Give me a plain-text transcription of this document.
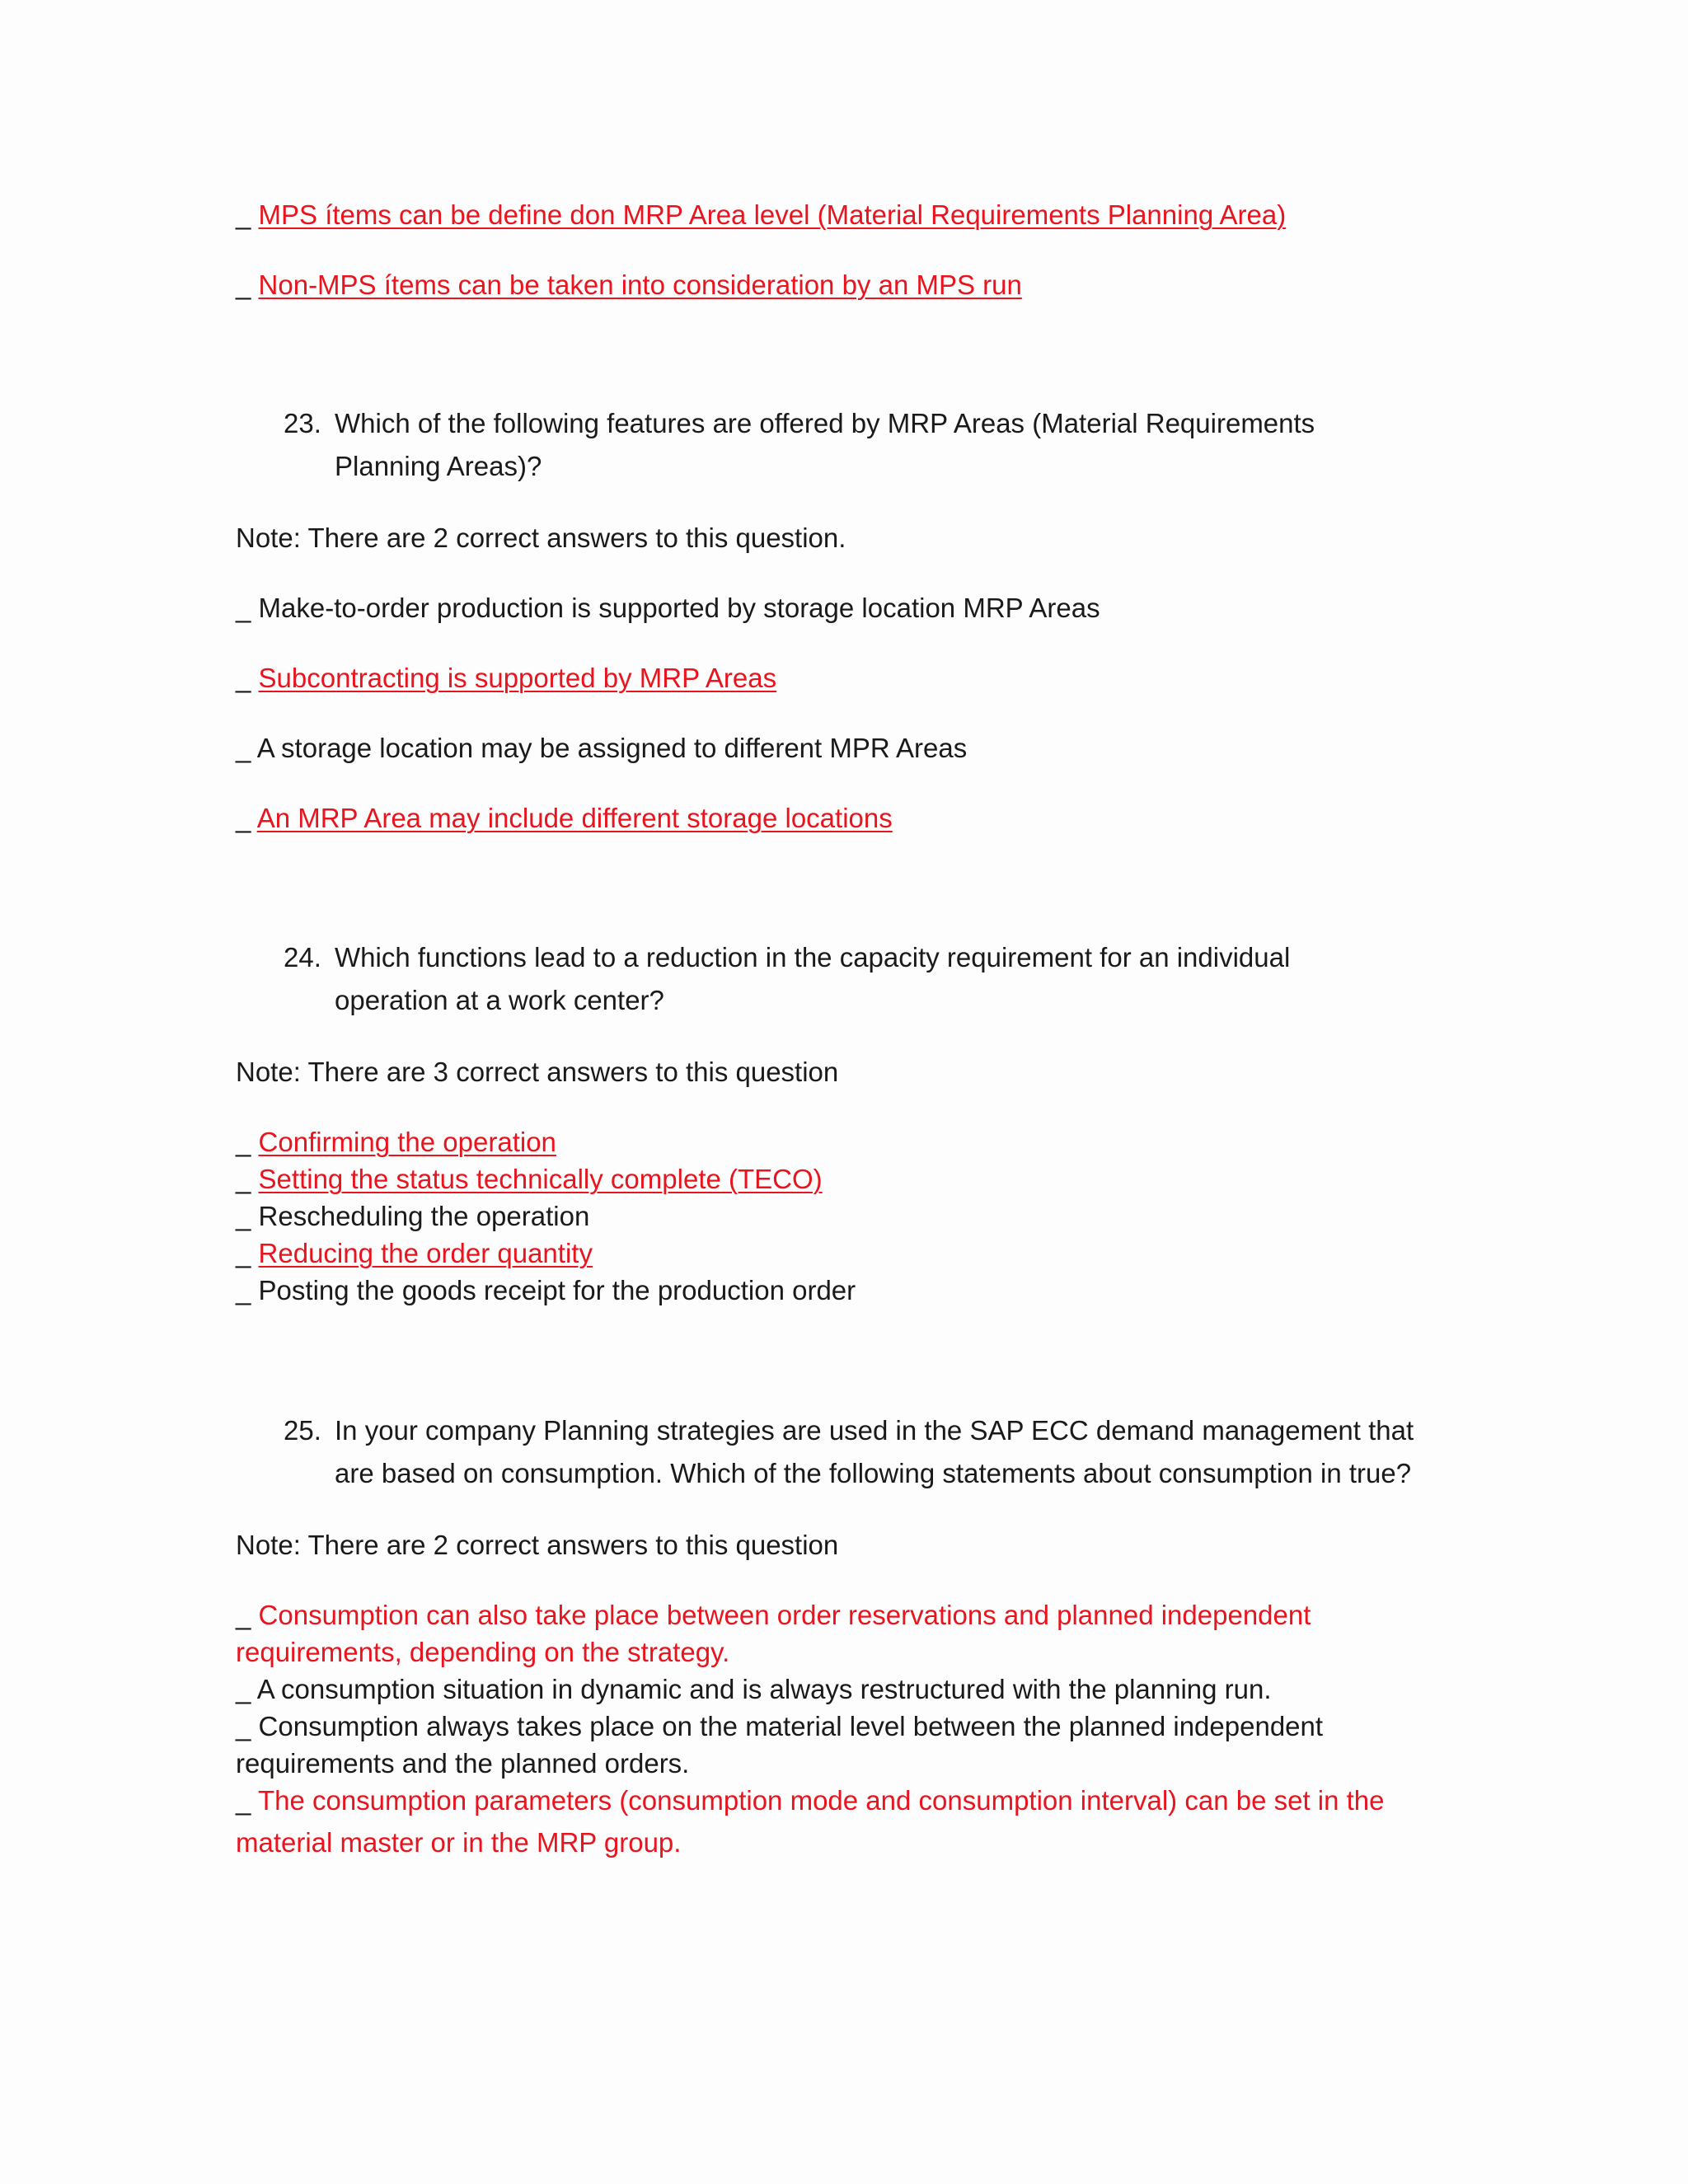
_ MPS ítems can be define don MRP Area level (Material Requirements Planning Area)
_ Non-MPS ítems can be taken into consideration by an MPS run
23. Which of the following features are offered by MRP Areas (Material Requirements
Planning Areas)?
Note: There are 2 correct answers to this question.
_ Make-to-order production is supported by storage location MRP Areas
_ Subcontracting is supported by MRP Areas
_ A storage location may be assigned to different MPR Areas
_ An MRP Area may include different storage locations
24. Which functions lead to a reduction in the capacity requirement for an individual
operation at a work center?
Note: There are 3 correct answers to this question
_ Confirming the operation
_ Setting the status technically complete (TECO)
_ Rescheduling the operation
_ Reducing the order quantity
_ Posting the goods receipt for the production order
25. In your company Planning strategies are used in the SAP ECC demand management that
are based on consumption. Which of the following statements about consumption in true?
Note: There are 2 correct answers to this question
_ Consumption can also take place between order reservations and planned independent
requirements, depending on the strategy.
_ A consumption situation in dynamic and is always restructured with the planning run.
_ Consumption always takes place on the material level between the planned independent
requirements and the planned orders.
_ The consumption parameters (consumption mode and consumption interval) can be set in the
material master or in the MRP group.
